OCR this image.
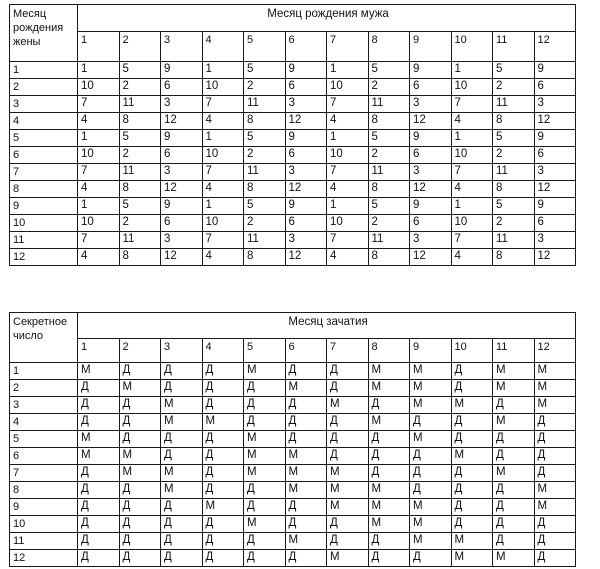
Месяц рождения жены	Месяц рождения мужа											
	1	2	3	4	5	6	7	8	9	10	11	12
1	1	5	9	1	5	9	1	5	9	1	5	9
2	10	2	6	10	2	6	10	2	6	10	2	6
3	7	11	3	7	11	3	7	11	3	7	11	3
4	4	8	12	4	8	12	4	8	12	4	8	12
5	1	5	9	1	5	9	1	5	9	1	5	9
6	10	2	6	10	2	6	10	2	6	10	2	6
7	7	11	3	7	11	3	7	11	3	7	11	3
8	4	8	12	4	8	12	4	8	12	4	8	12
9	1	5	9	1	5	9	1	5	9	1	5	9
10	10	2	6	10	2	6	10	2	6	10	2	6
11	7	11	3	7	11	3	7	11	3	7	11	3
12	4	8	12	4	8	12	4	8	12	4	8	12
Секретное число	Месяц зачатия											
	1	2	3	4	5	6	7	8	9	10	11	12
1	М	Д	Д	Д	М	Д	Д	М	М	Д	М	М
2	Д	М	Д	Д	Д	М	Д	М	М	Д	М	М
3	Д	Д	М	Д	Д	Д	М	Д	М	М	Д	М
4	Д	Д	М	М	Д	Д	Д	М	Д	Д	М	Д
5	М	Д	Д	Д	М	Д	Д	Д	М	Д	Д	Д
6	М	М	Д	Д	М	М	Д	Д	Д	М	Д	Д
7	Д	М	М	Д	М	М	М	Д	Д	Д	М	Д
8	Д	Д	М	Д	Д	М	М	М	Д	Д	Д	М
9	Д	Д	Д	М	Д	Д	М	М	М	Д	Д	М
10	Д	Д	Д	Д	М	Д	Д	М	М	Д	Д	Д
11	Д	Д	Д	Д	Д	М	Д	Д	М	М	Д	Д
12	Д	Д	Д	Д	Д	Д	М	Д	Д	М	М	Д
